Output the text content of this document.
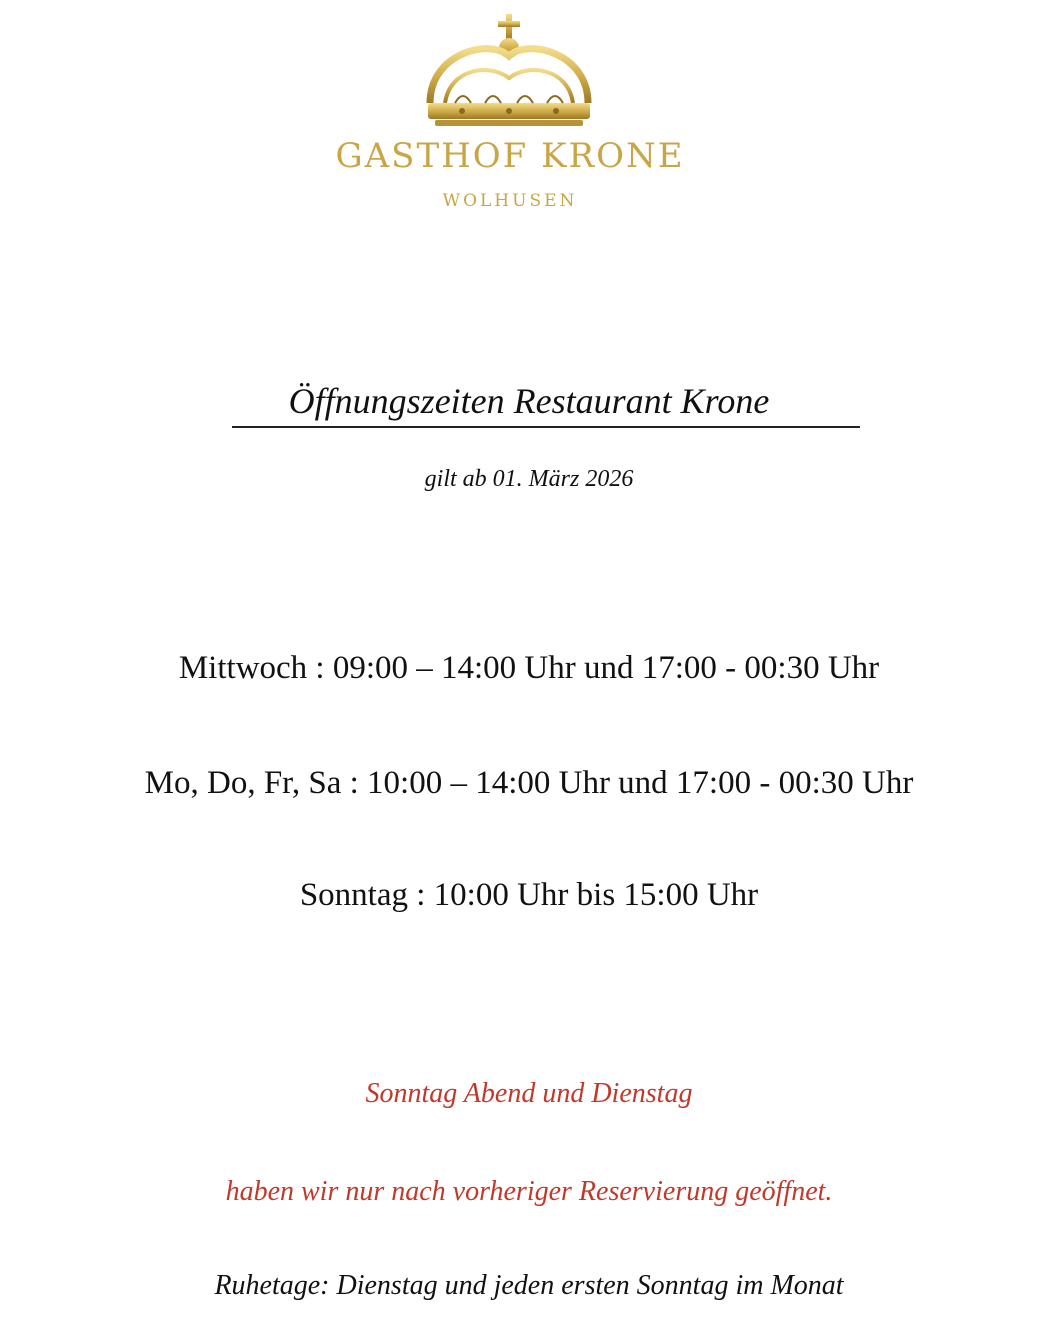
GASTHOF KRONE
WOLHUSEN
Öffnungszeiten Restaurant Krone
gilt ab 01. März 2026
Mittwoch : 09:00 – 14:00 Uhr und 17:00 - 00:30 Uhr
Mo, Do, Fr, Sa : 10:00 – 14:00 Uhr und 17:00 - 00:30 Uhr
Sonntag : 10:00 Uhr bis 15:00 Uhr
Sonntag Abend und Dienstag
haben wir nur nach vorheriger Reservierung geöffnet.
Ruhetage: Dienstag und jeden ersten Sonntag im Monat
